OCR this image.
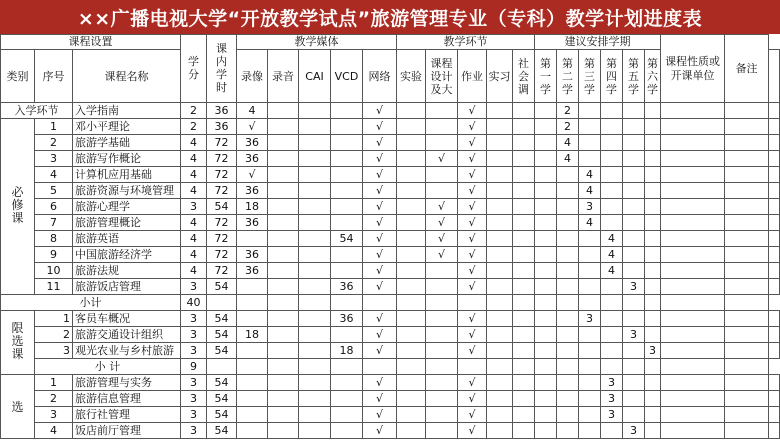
××广播电视大学“开放教学试点”旅游管理专业（专科）教学计划进度表
课程设置			学分	课内学时	教学媒体					教学环节					建议安排学期						课程性质或开课单位	备注	
类别	序号	课程名称			录像	录音	CAI	VCD	网络	实验	课程设计及大	作业	实习	社会调	第一学	第二学	第三学	第四学	第五学	第六学			
入学环节		入学指南	2	36	4				√			√				2							
必修课	1	邓小平理论	2	36	√				√			√				2							
	2	旅游学基础	4	72	36				√			√				4							
	3	旅游写作概论	4	72	36				√		√	√				4							
	4	计算机应用基础	4	72	√				√			√					4						
	5	旅游资源与环境管理	4	72	36				√			√					4						
	6	旅游心理学	3	54	18				√		√	√					3						
	7	旅游管理概论	4	72	36				√		√	√					4						
	8	旅游英语	4	72				54	√		√	√						4					
	9	中国旅游经济学	4	72	36				√		√	√						4					
	10	旅游法规	4	72	36				√			√						4					
	11	旅游饭店管理	3	54				36	√			√							3				
小计			40																				
限选课	1	客员车概况	3	54				36	√			√					3						
	2	旅游交通设计组织	3	54	18				√			√							3				
	3	观光农业与乡村旅游	3	54				18	√			√								3			
	小 计		9																				
选	1	旅游管理与实务	3	54					√			√						3					
	2	旅游信息管理	3	54					√			√						3					
	3	旅行社管理	3	54					√			√						3					
	4	饭店前厅管理	3	54					√			√							3				
